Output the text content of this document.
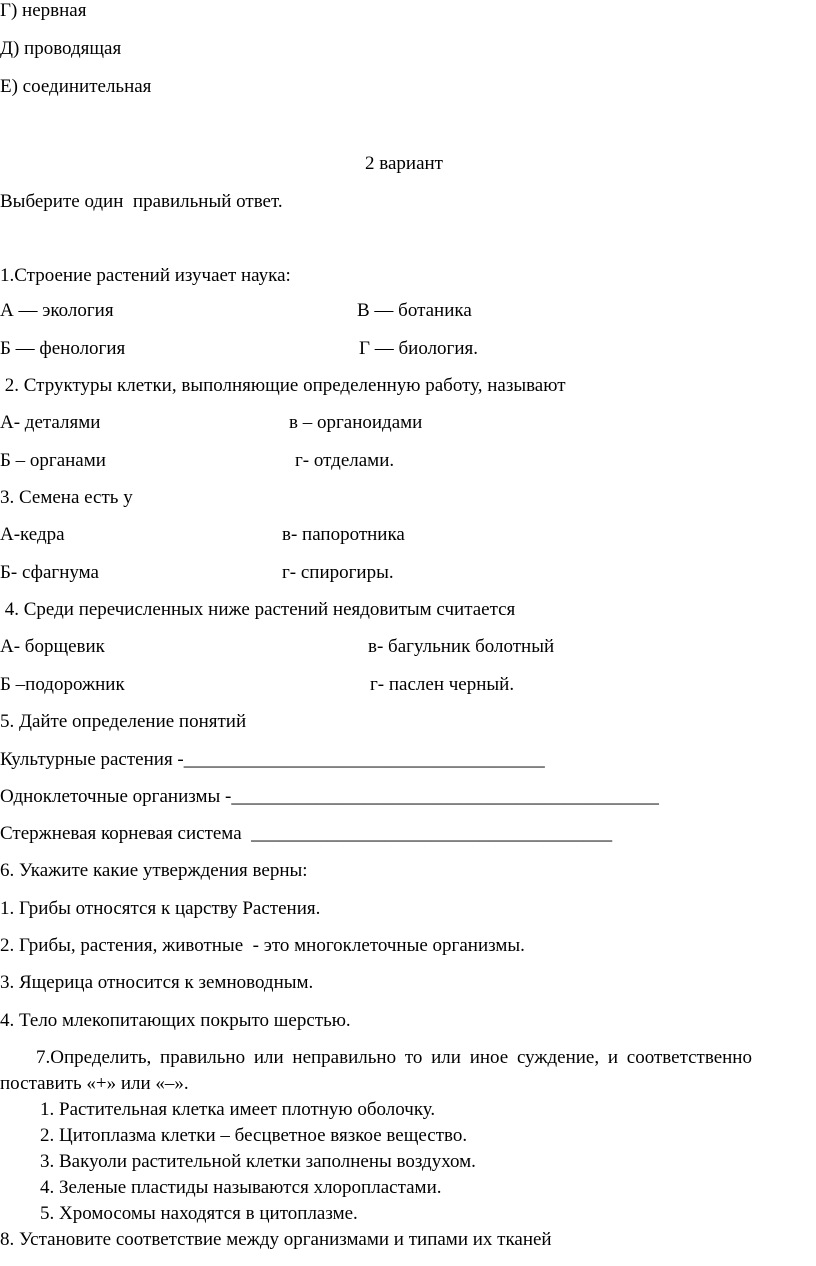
Г) нервная
Д) проводящая
Е) соединительная
2 вариант
Выберите один  правильный ответ.
1.Строение растений изучает наука:
А — экология	В — ботаника
Б — фенология	Г — биология.
2. Структуры клетки, выполняющие определенную работу, называют
А- деталями	в – органоидами
Б – органами	г- отделами.
3. Семена есть у
А-кедра	в- папоротника
Б- сфагнума	г- спирогиры.
4. Среди перечисленных ниже растений неядовитым считается
А- борщевик	в- багульник болотный
Б –подорожник	г- паслен черный.
5. Дайте определение понятий
Культурные растения -______________________________________
Одноклеточные организмы -_____________________________________________
Стержневая корневая система  ______________________________________
6. Укажите какие утверждения верны:
1. Грибы относятся к царству Растения.
2. Грибы, растения, животные  - это многоклеточные организмы.
3. Ящерица относится к земноводным.
4. Тело млекопитающих покрыто шерстью.
7.Определить, правильно или неправильно то или иное суждение, и соответственно
поставить «+» или «–».
1. Растительная клетка имеет плотную оболочку.
2. Цитоплазма клетки – бесцветное вязкое вещество.
3. Вакуоли растительной клетки заполнены воздухом.
4. Зеленые пластиды называются хлоропластами.
5. Хромосомы находятся в цитоплазме.
8. Установите соответствие между организмами и типами их тканей
